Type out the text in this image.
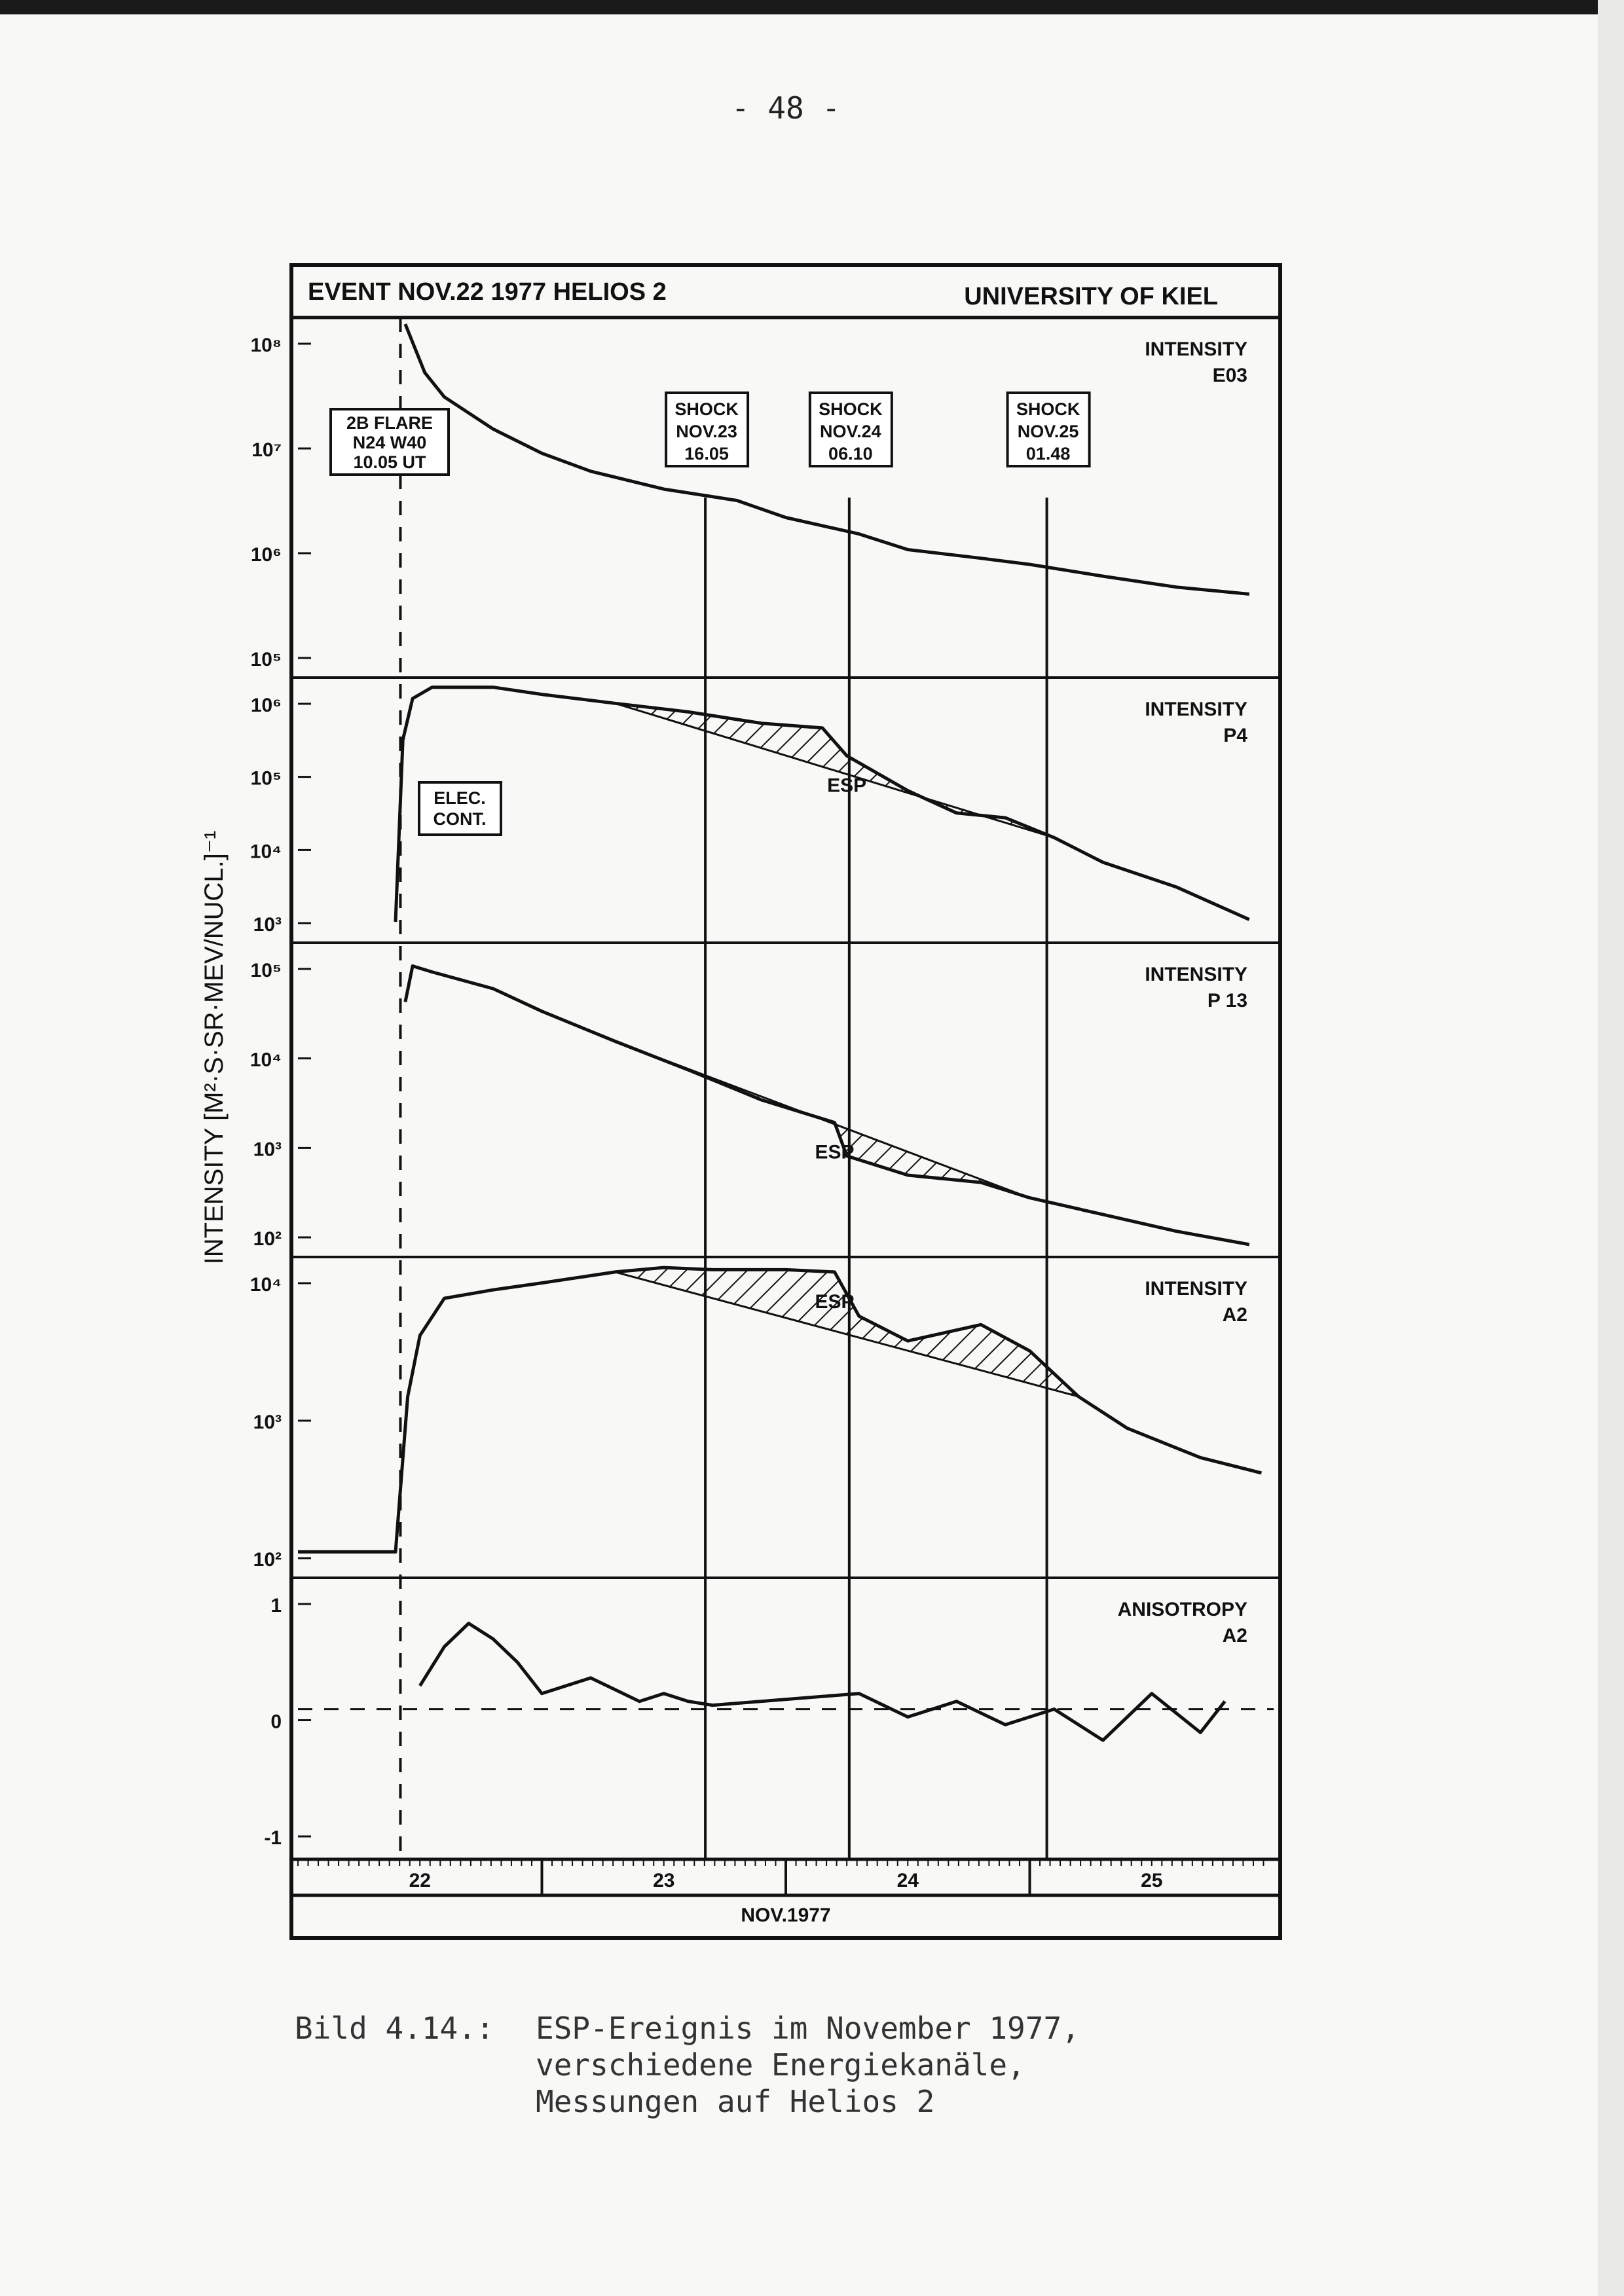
- 48 -
EVENT NOV.22 1977 HELIOS 2	UNIVERSITY OF KIEL
INTENSITY [M²·S·SR·MEV/NUCL.]⁻¹
INTENSITY
E03
10⁸
10⁷
10⁶
10⁵
INTENSITY
P4
10⁶
10⁵
10⁴
10³
INTENSITY
P 13
10⁵
10⁴
10³
10²
INTENSITY
A2
10⁴
10³
10²
ANISOTROPY
A2
1
0
-1
SHOCK
NOV.23
16.05
SHOCK
NOV.24
06.10
SHOCK
NOV.25
01.48
2B FLARE
N24 W40
10.05 UT
ELEC.
CONT.
ESP
ESP
ESP
22	23	24	25
NOV.1977

Bild 4.14.:

ESP-Ereignis im November 1977,

verschiedene Energiekanäle,

Messungen auf Helios 2
